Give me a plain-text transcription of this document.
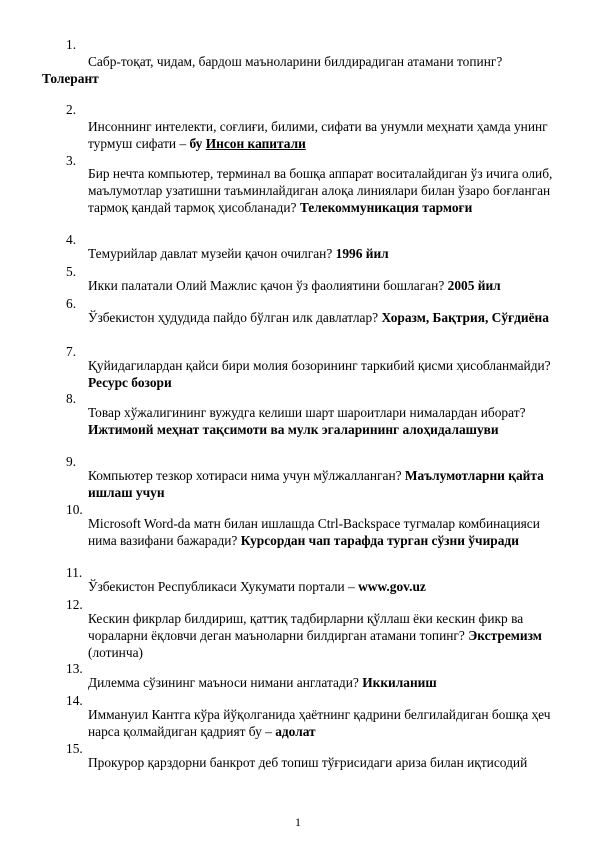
1.

Сабр-тоқат, чидам, бардош маъноларини билдирадиган атамани топинг?

Толерант
2.

Инсоннинг интелекти, соғлиғи, билими, сифати ва унумли меҳнати ҳамда унинг турмуш сифати – бу Инсон капитали

3.

Бир нечта компьютер, терминал ва бошқа аппарат воситалайдиган ўз ичига олиб, маълумотлар узатишни таъминлайдиган алоқа линиялари билан ўзаро боғланган тармоқ қандай тармоқ ҳисобланади? Телекоммуникация тармоғи

4.

Темурийлар давлат музейи қачон очилган? 1996 йил

5.

Икки палатали Олий Мажлис қачон ўз фаолиятини бошлаган? 2005 йил

6.

Ўзбекистон ҳудудида пайдо бўлган илк давлатлар? Хоразм, Бақтрия, Сўғдиёна

7.

Қуйидагилардан қайси бири молия бозорининг таркибий қисми ҳисобланмайди? Ресурс бозори

8.

Товар хўжалигининг вужудга келиши шарт шароитлари нималардан иборат? Ижтимоий меҳнат тақсимоти ва мулк эгаларининг алоҳидалашуви

9.

Компьютер тезкор хотираси нима учун мўлжалланган? Маълумотларни қайта ишлаш учун

10.

Microsoft Word-da матн билан ишлашда Ctrl-Backspace тугмалар комбинацияси нима вазифани бажаради? Курсордан чап тарафда турган сўзни ўчиради

11.

Ўзбекистон Республикаси Хукумати портали – www.gov.uz

12.

Кескин фикрлар билдириш, қаттиқ тадбирларни қўллаш ёки кескин фикр ва чораларни ёқловчи деган маъноларни билдирган атамани топинг? Экстремизм (лотинча)

13.

Дилемма сўзининг маъноси нимани англатади? Иккиланиш

14.

Иммануил Кантга кўра йўқолганида ҳаётнинг қадрини белгилайдиган бошқа ҳеч нарса қолмайдиган қадрият бу – адолат

15.

Прокурор қарздорни банкрот деб топиш тўғрисидаги ариза билан иқтисодий

1
